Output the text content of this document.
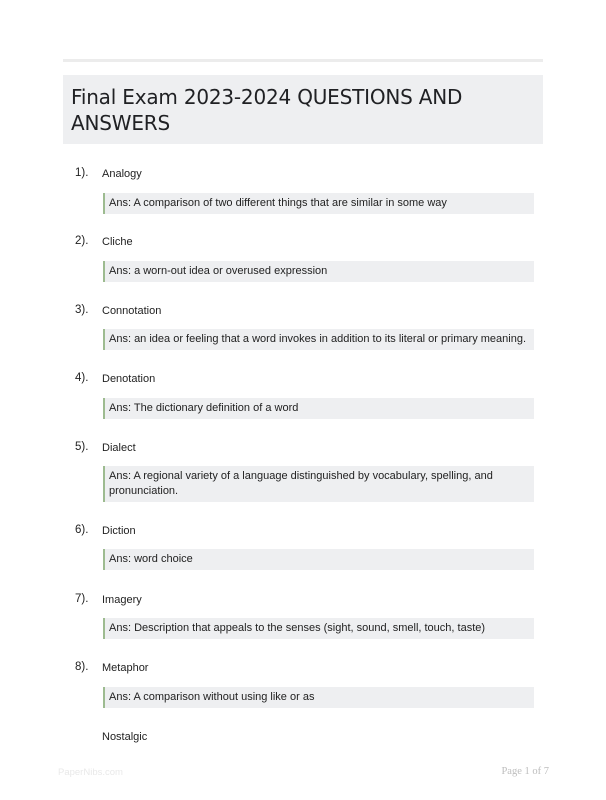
Final Exam 2023-2024 QUESTIONS AND ANSWERS
1). Analogy
Ans: A comparison of two different things that are similar in some way
2). Cliche
Ans: a worn-out idea or overused expression
3). Connotation
Ans: an idea or feeling that a word invokes in addition to its literal or primary meaning.
4). Denotation
Ans: The dictionary definition of a word
5). Dialect
Ans: A regional variety of a language distinguished by vocabulary, spelling, and pronunciation.
6). Diction
Ans: word choice
7). Imagery
Ans: Description that appeals to the senses (sight, sound, smell, touch, taste)
8). Metaphor
Ans: A comparison without using like or as
Nostalgic
PaperNibs.com	Page 1 of 7
